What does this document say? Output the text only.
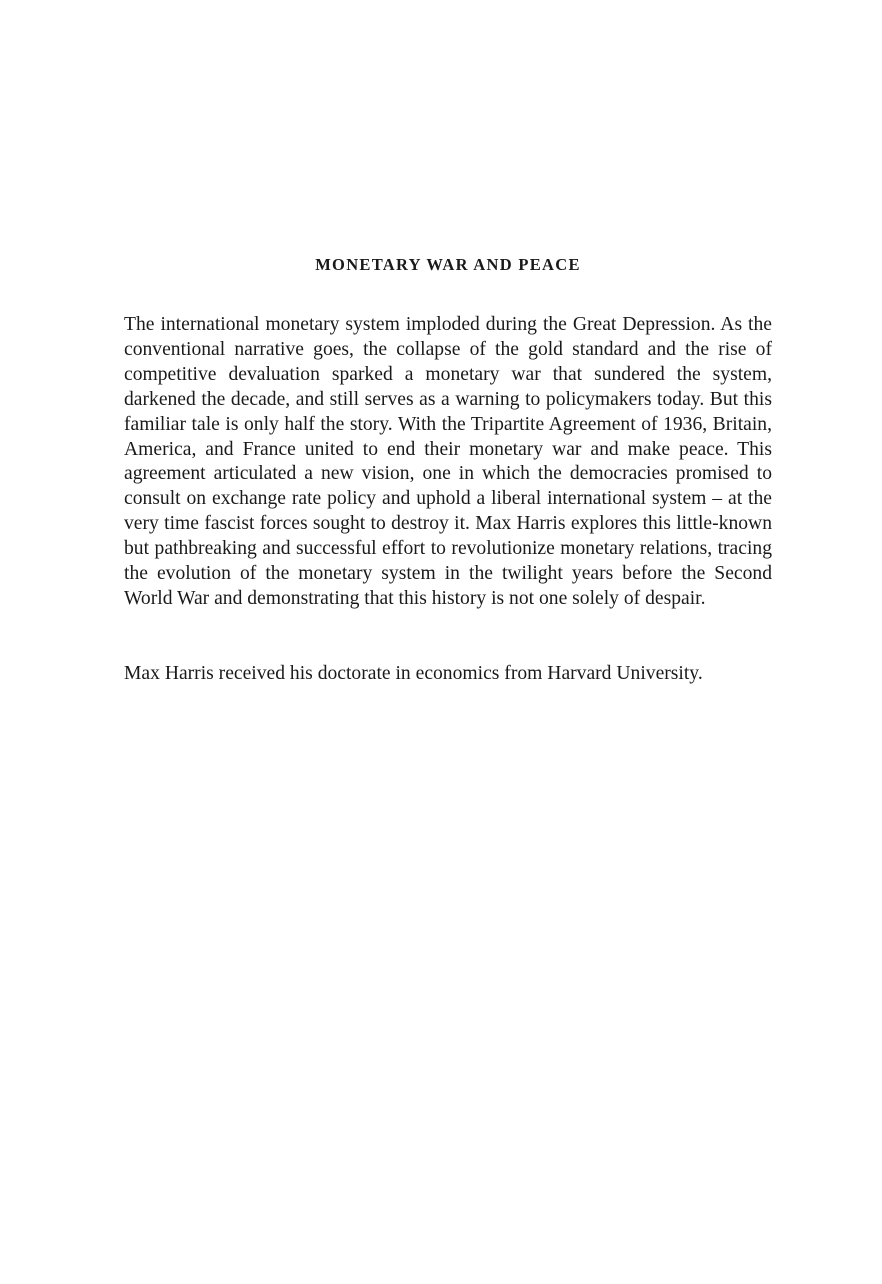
MONETARY WAR AND PEACE

The international monetary system imploded during the Great Depression. As the conventional narrative goes, the collapse of the gold standard and the rise of competitive devaluation sparked a monetary war that sundered the system, darkened the decade, and still serves as a warning to policymakers today. But this familiar tale is only half the story. With the Tripartite Agreement of 1936, Britain, America, and France united to end their monetary war and make peace. This agreement articulated a new vision, one in which the democracies promised to consult on exchange rate policy and uphold a liberal international system – at the very time fascist forces sought to destroy it. Max Harris explores this little-known but pathbreaking and successful effort to revolutionize monetary relations, tracing the evolution of the monetary system in the twilight years before the Second World War and demonstrating that this history is not one solely of despair.

Max Harris received his doctorate in economics from Harvard University.
